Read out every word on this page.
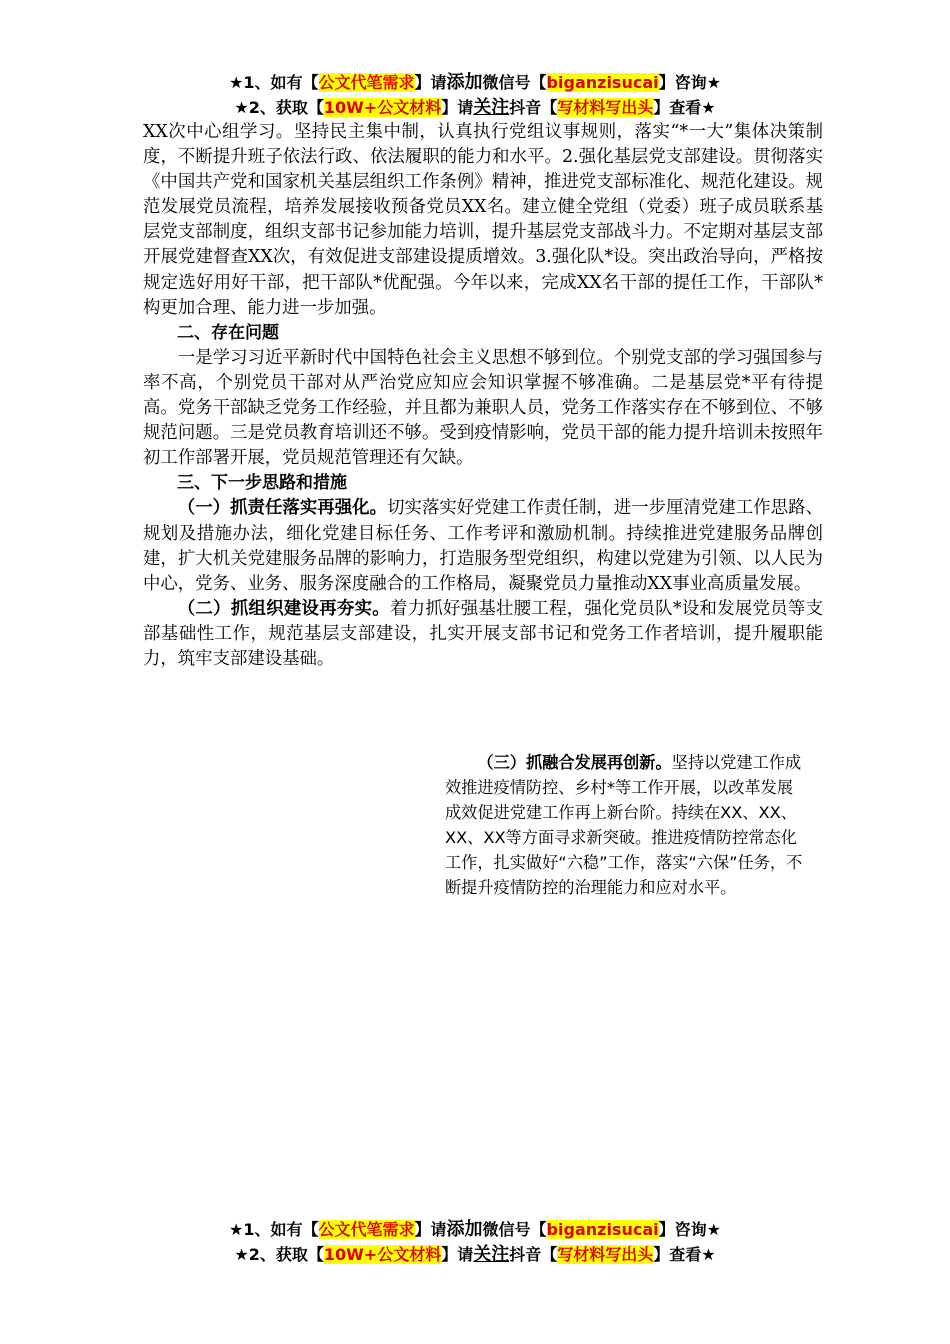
★1、如有【公文代笔需求】请添加微信号【biganzisucai】咨询★
★2、获取【10W+公文材料】请关注抖音【写材料写出头】查看★

XX次中心组学习。坚持民主集中制，认真执行党组议事规则，落实“*一大”集体决策制度，不断提升班子依法行政、依法履职的能力和水平。2.强化基层党支部建设。贯彻落实《中国共产党和国家机关基层组织工作条例》精神，推进党支部标准化、规范化建设。规范发展党员流程，培养发展接收预备党员XX名。建立健全党组（党委）班子成员联系基层党支部制度，组织支部书记参加能力培训，提升基层党支部战斗力。不定期对基层支部开展党建督查XX次，有效促进支部建设提质增效。3.强化队*设。突出政治导向，严格按规定选好用好干部，把干部队*优配强。今年以来，完成XX名干部的提任工作，干部队*构更加合理、能力进一步加强。

二、存在问题

一是学习习近平新时代中国特色社会主义思想不够到位。个别党支部的学习强国参与率不高，个别党员干部对从严治党应知应会知识掌握不够准确。二是基层党*平有待提高。党务干部缺乏党务工作经验，并且都为兼职人员，党务工作落实存在不够到位、不够规范问题。三是党员教育培训还不够。受到疫情影响，党员干部的能力提升培训未按照年初工作部署开展，党员规范管理还有欠缺。

三、下一步思路和措施

（一）抓责任落实再强化。切实落实好党建工作责任制，进一步厘清党建工作思路、规划及措施办法，细化党建目标任务、工作考评和激励机制。持续推进党建服务品牌创建，扩大机关党建服务品牌的影响力，打造服务型党组织，构建以党建为引领、以人民为中心，党务、业务、服务深度融合的工作格局，凝聚党员力量推动XX事业高质量发展。

（二）抓组织建设再夯实。着力抓好强基壮腰工程，强化党员队*设和发展党员等支部基础性工作，规范基层支部建设，扎实开展支部书记和党务工作者培训，提升履职能力，筑牢支部建设基础。

（三）抓融合发展再创新。坚持以党建工作成效推进疫情防控、乡村*等工作开展，以改革发展成效促进党建工作再上新台阶。持续在XX、XX、XX、XX等方面寻求新突破。推进疫情防控常态化工作，扎实做好“六稳”工作，落实“六保”任务，不断提升疫情防控的治理能力和应对水平。

★1、如有【公文代笔需求】请添加微信号【biganzisucai】咨询★
★2、获取【10W+公文材料】请关注抖音【写材料写出头】查看★
